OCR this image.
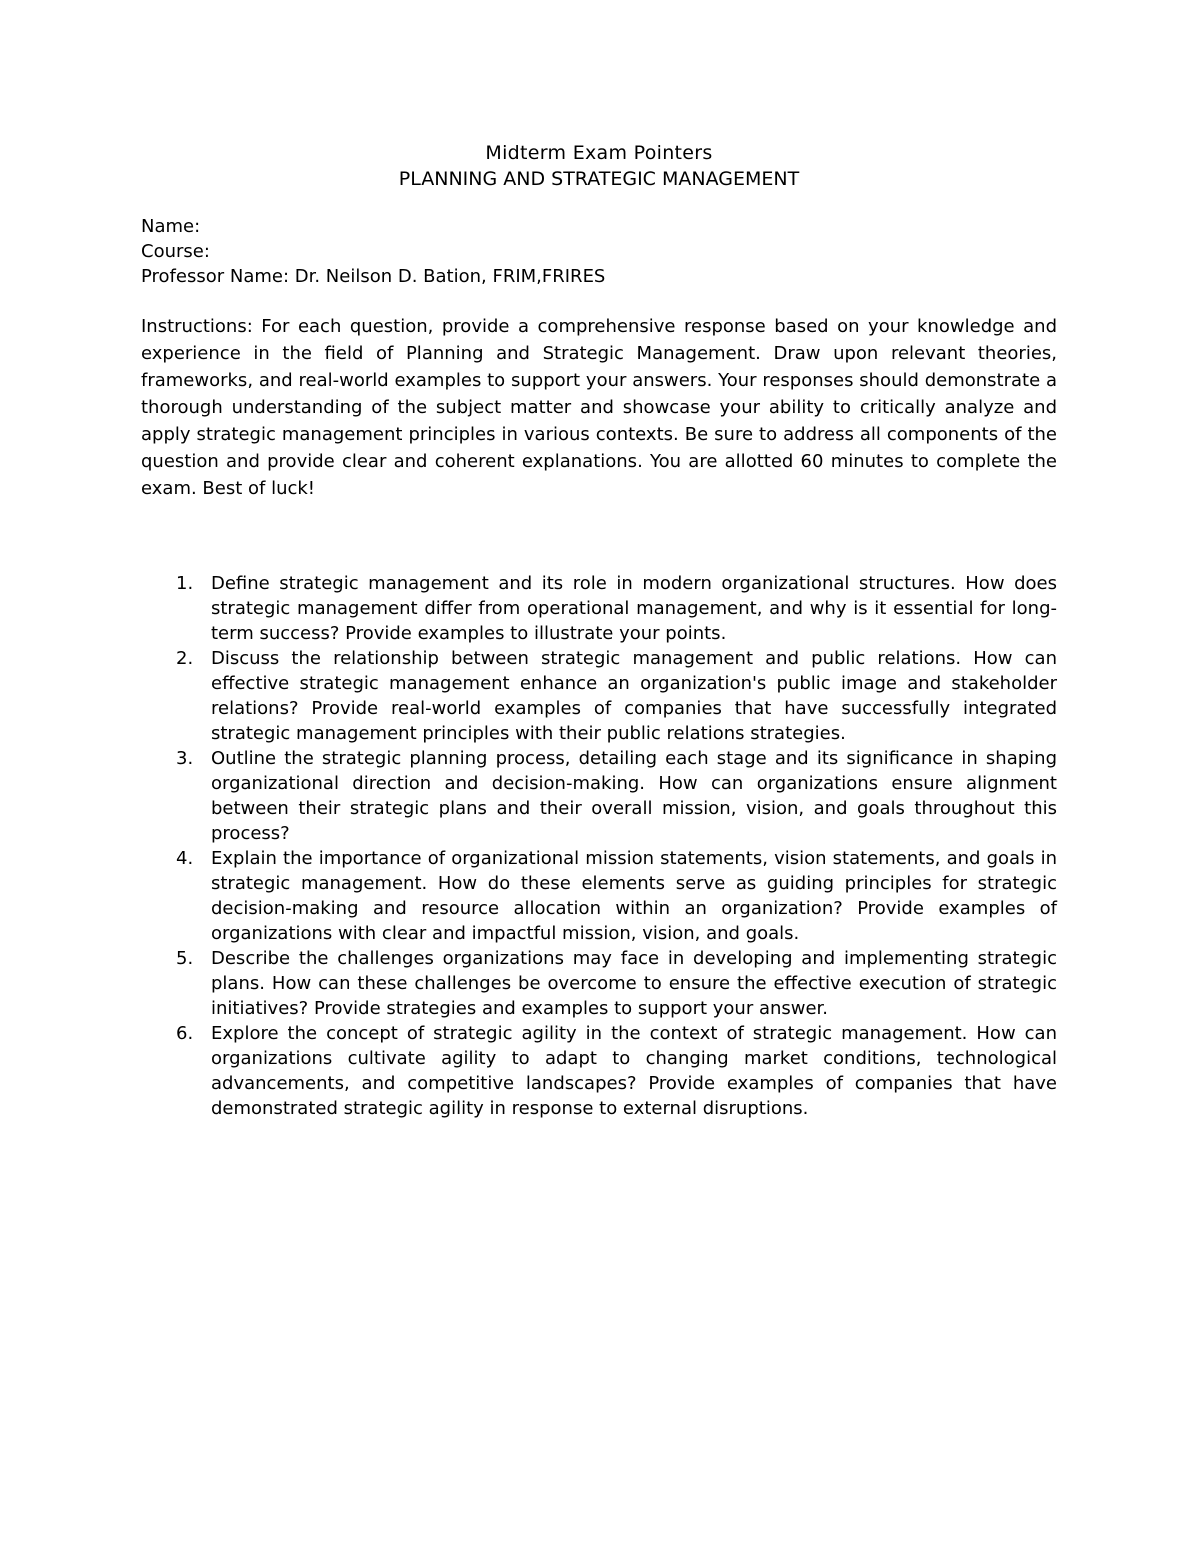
Midterm Exam Pointers
PLANNING AND STRATEGIC MANAGEMENT
Name:
Course:
Professor Name: Dr. Neilson D. Bation, FRIM,FRIRES

Instructions: For each question, provide a comprehensive response based on your knowledge and experience in the field of Planning and Strategic Management. Draw upon relevant theories, frameworks, and real-world examples to support your answers. Your responses should demonstrate a thorough understanding of the subject matter and showcase your ability to critically analyze and apply strategic management principles in various contexts. Be sure to address all components of the question and provide clear and coherent explanations. You are allotted 60 minutes to complete the exam. Best of luck!

1. Define strategic management and its role in modern organizational structures. How does strategic management differ from operational management, and why is it essential for long-term success? Provide examples to illustrate your points.
2. Discuss the relationship between strategic management and public relations. How can effective strategic management enhance an organization's public image and stakeholder relations? Provide real-world examples of companies that have successfully integrated strategic management principles with their public relations strategies.
3. Outline the strategic planning process, detailing each stage and its significance in shaping organizational direction and decision-making. How can organizations ensure alignment between their strategic plans and their overall mission, vision, and goals throughout this process?
4. Explain the importance of organizational mission statements, vision statements, and goals in strategic management. How do these elements serve as guiding principles for strategic decision-making and resource allocation within an organization? Provide examples of organizations with clear and impactful mission, vision, and goals.
5. Describe the challenges organizations may face in developing and implementing strategic plans. How can these challenges be overcome to ensure the effective execution of strategic initiatives? Provide strategies and examples to support your answer.
6. Explore the concept of strategic agility in the context of strategic management. How can organizations cultivate agility to adapt to changing market conditions, technological advancements, and competitive landscapes? Provide examples of companies that have demonstrated strategic agility in response to external disruptions.
